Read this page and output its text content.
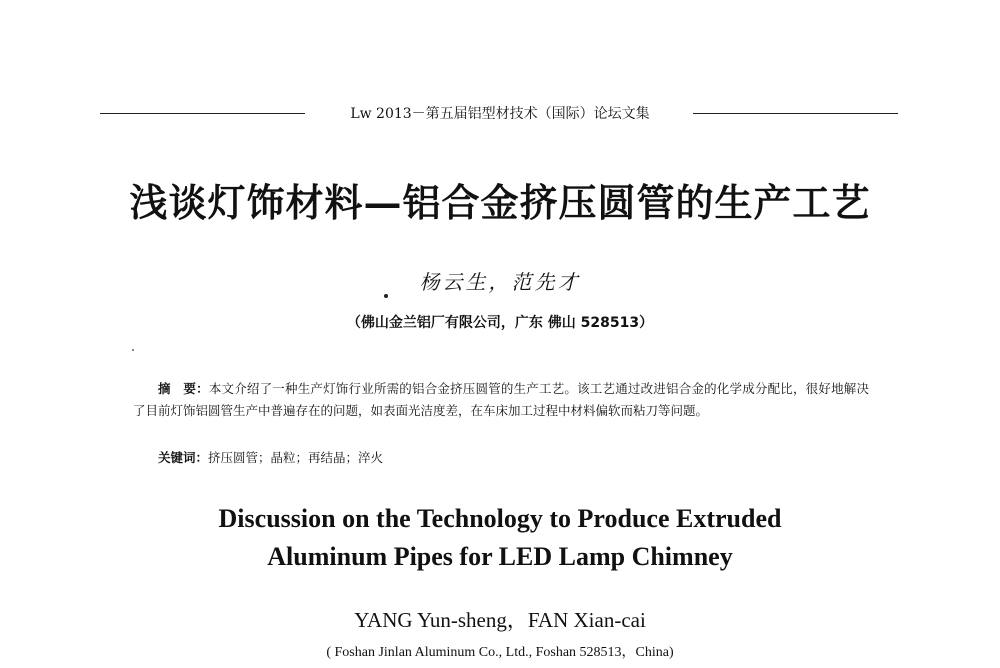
Lw 2013－第五届铝型材技术（国际）论坛文集
浅谈灯饰材料—铝合金挤压圆管的生产工艺
杨云生，范先才
（佛山金兰铝厂有限公司，广东 佛山 528513）
摘　要：本文介绍了一种生产灯饰行业所需的铝合金挤压圆管的生产工艺。该工艺通过改进铝合金的化学成分配比，很好地解决了目前灯饰铝圆管生产中普遍存在的问题，如表面光洁度差，在车床加工过程中材料偏软而粘刀等问题。
关键词：挤压圆管；晶粒；再结晶；淬火
Discussion on the Technology to Produce Extruded
Aluminum Pipes for LED Lamp Chimney
YANG Yun-sheng，FAN Xian-cai
( Foshan Jinlan Aluminum Co., Ltd., Foshan 528513，China)
